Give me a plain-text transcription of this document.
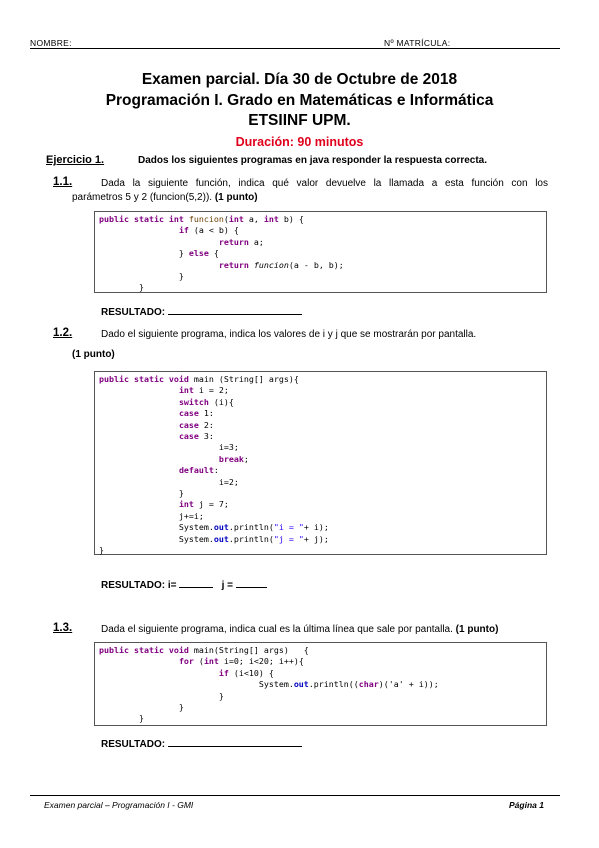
NOMBRE:	Nº MATRÍCULA:
Examen parcial. Día 30 de Octubre de 2018
Programación I. Grado en Matemáticas e Informática
ETSIINF UPM.
Duración: 90 minutos
Ejercicio 1.	Dados los siguientes programas en java responder la respuesta correcta.
1.1.	Dada la siguiente función, indica qué valor devuelve la llamada a esta función con los
parámetros 5 y 2 (funcion(5,2)). (1 punto)
public static int funcion(int a, int b) {
if (a < b) {
return a;
} else {
return funcion(a - b, b);
}
}
RESULTADO:
1.2.	Dado el siguiente programa, indica los valores de i y j que se mostrarán por pantalla.
(1 punto)
public static void main (String[] args){
int i = 2;
switch (i){
case 1:
case 2:
case 3:
i=3;
break;
default:
i=2;
}
int j = 7;
j+=i;
System.out.println("i = "+ i);
System.out.println("j = "+ j);
}
RESULTADO: i=	j =
1.3.	Dada el siguiente programa, indica cual es la última línea que sale por pantalla. (1 punto)
public static void main(String[] args)   {
for (int i=0; i<20; i++){
if (i<10) {
System.out.println((char)('a' + i));
}
}
}
RESULTADO:
Examen parcial – Programación I - GMI	Página 1
